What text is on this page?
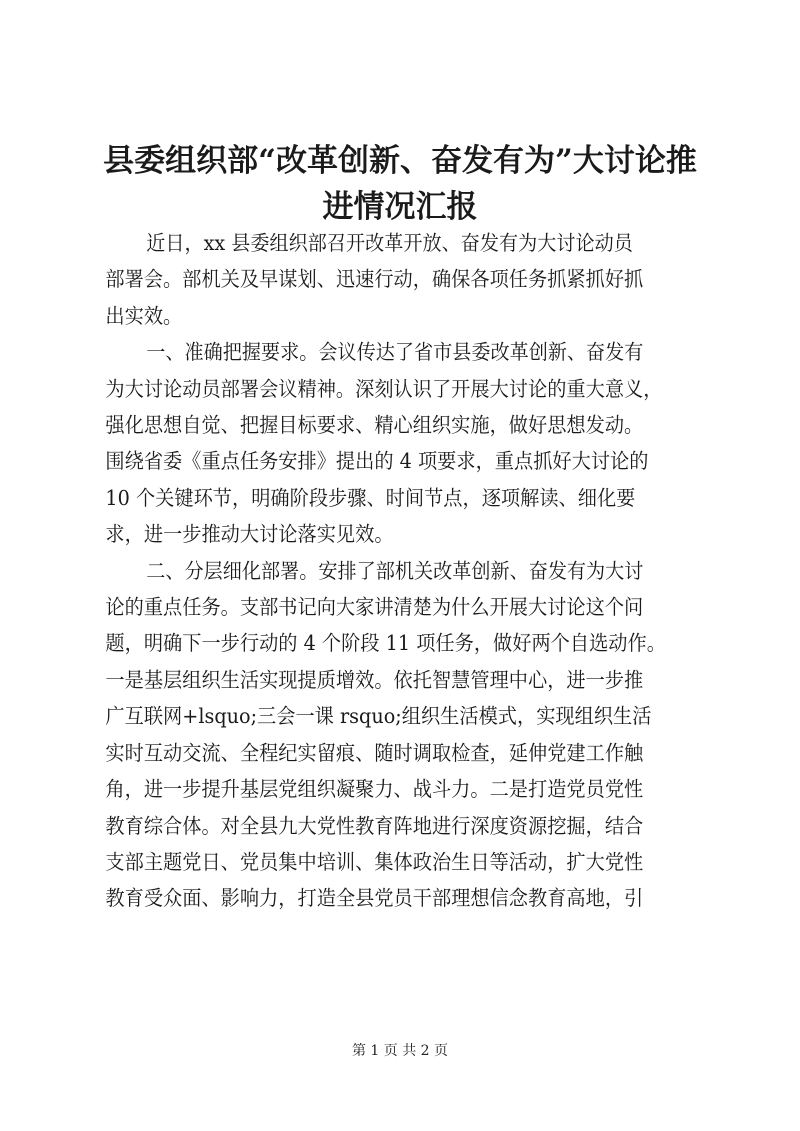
县委组织部“改革创新、奋发有为”大讨论推
进情况汇报

近日，xx 县委组织部召开改革开放、奋发有为大讨论动员
部署会。部机关及早谋划、迅速行动，确保各项任务抓紧抓好抓
出实效。

一、准确把握要求。会议传达了省市县委改革创新、奋发有
为大讨论动员部署会议精神。深刻认识了开展大讨论的重大意义，
强化思想自觉、把握目标要求、精心组织实施，做好思想发动。
围绕省委《重点任务安排》提出的 4 项要求，重点抓好大讨论的
10 个关键环节，明确阶段步骤、时间节点，逐项解读、细化要
求，进一步推动大讨论落实见效。

二、分层细化部署。安排了部机关改革创新、奋发有为大讨
论的重点任务。支部书记向大家讲清楚为什么开展大讨论这个问
题，明确下一步行动的 4 个阶段 11 项任务，做好两个自选动作。
一是基层组织生活实现提质增效。依托智慧管理中心，进一步推
广互联网+lsquo;三会一课 rsquo;组织生活模式，实现组织生活
实时互动交流、全程纪实留痕、随时调取检查，延伸党建工作触
角，进一步提升基层党组织凝聚力、战斗力。二是打造党员党性
教育综合体。对全县九大党性教育阵地进行深度资源挖掘，结合
支部主题党日、党员集中培训、集体政治生日等活动，扩大党性
教育受众面、影响力，打造全县党员干部理想信念教育高地，引

第 1 页 共 2 页
